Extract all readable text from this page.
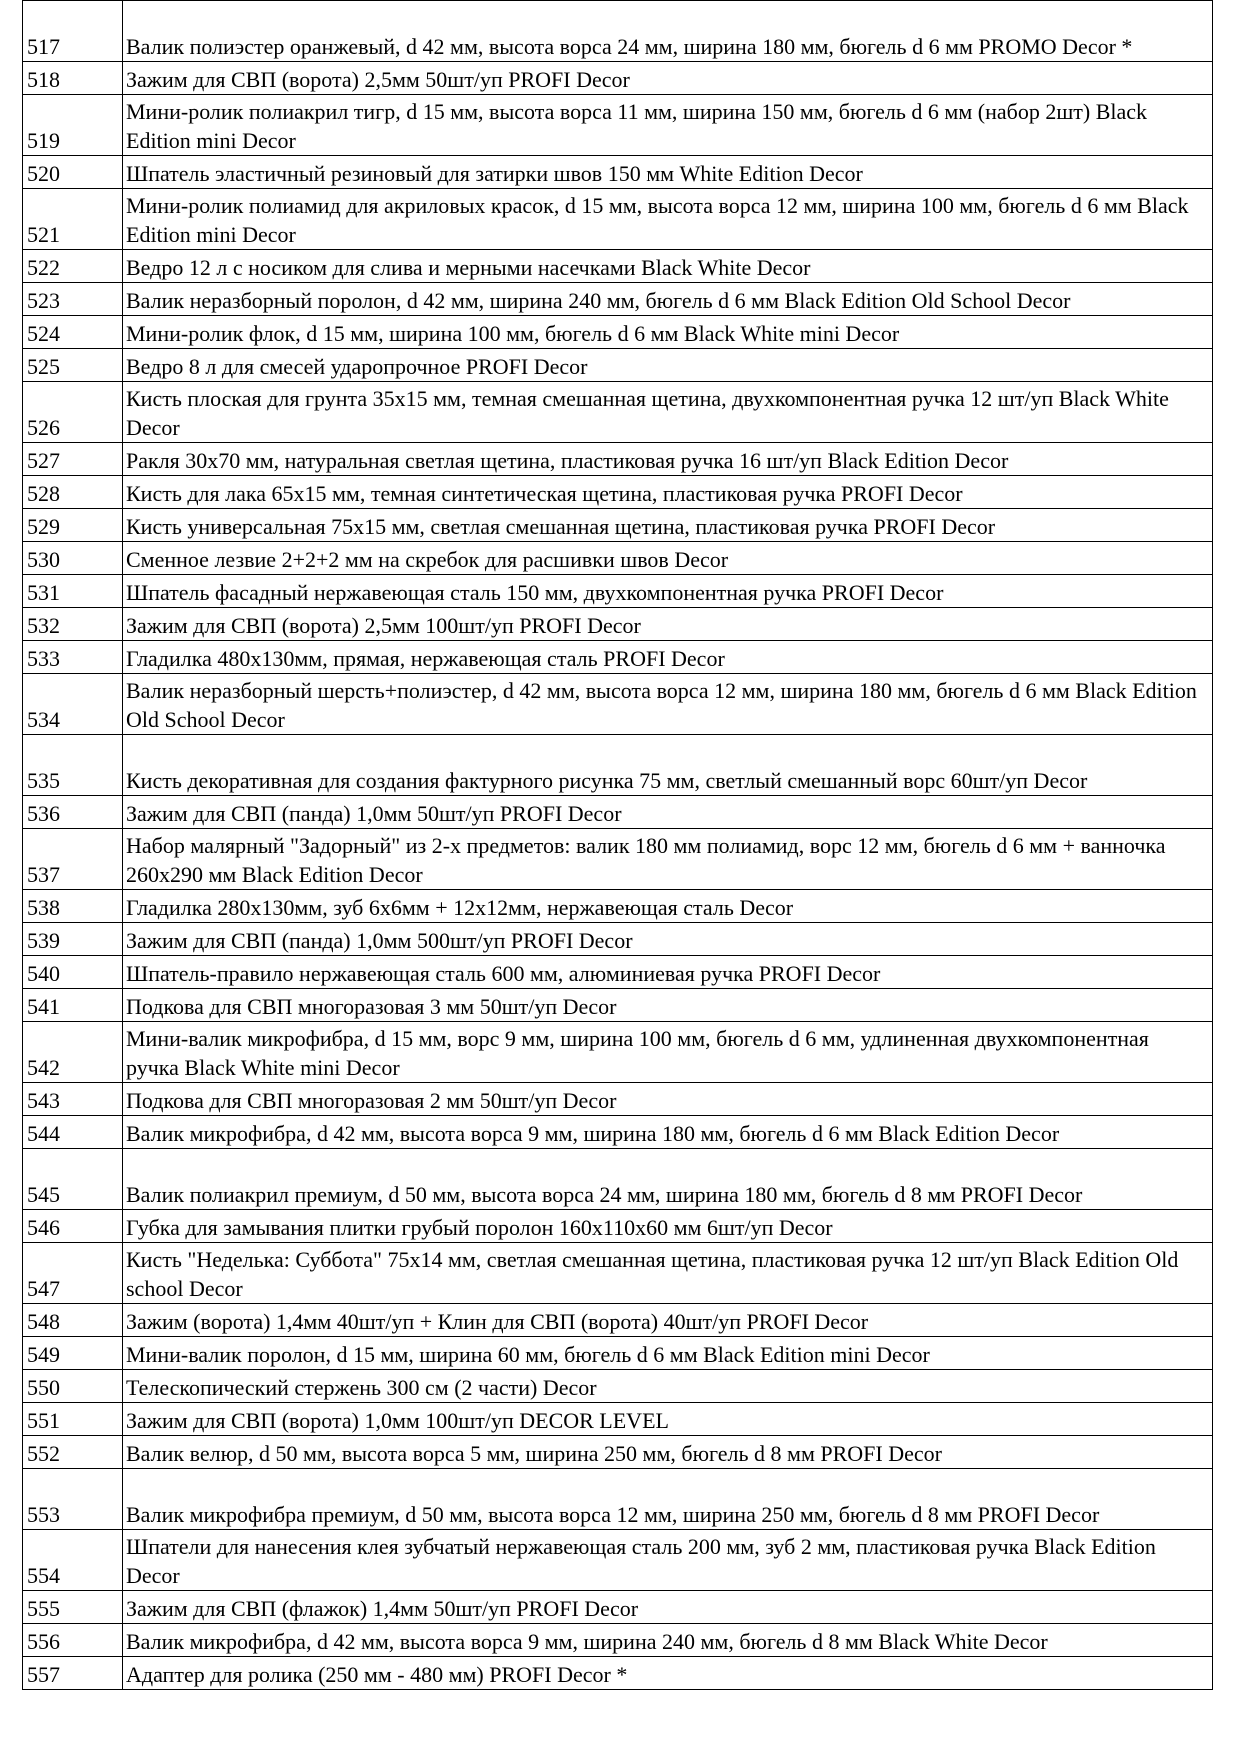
517	Валик полиэстер оранжевый, d 42 мм, высота ворса 24 мм, ширина 180 мм, бюгель d 6 мм PROMO Decor *
518	Зажим для СВП (ворота) 2,5мм 50шт/уп PROFI Decor
519	Мини-ролик полиакрил тигр, d 15 мм, высота ворса 11 мм, ширина 150 мм, бюгель d 6 мм (набор 2шт) Black Edition mini Decor
520	Шпатель эластичный резиновый для затирки швов 150 мм White Edition Decor
521	Мини-ролик полиамид для акриловых красок, d 15 мм, высота ворса 12 мм, ширина 100 мм, бюгель d 6 мм Black Edition mini Decor
522	Ведро 12 л с носиком для слива и мерными насечками Black White Decor
523	Валик неразборный поролон, d 42 мм, ширина 240 мм, бюгель d 6 мм Black Edition Old School Decor
524	Мини-ролик флок, d 15 мм, ширина 100 мм, бюгель d 6 мм Black White mini Decor
525	Ведро 8 л для смесей ударопрочное PROFI Decor
526	Кисть плоская для грунта 35х15 мм, темная смешанная щетина, двухкомпонентная ручка 12 шт/уп Black White Decor
527	Ракля 30х70 мм, натуральная светлая щетина, пластиковая ручка 16 шт/уп Black Edition Decor
528	Кисть для лака 65х15 мм, темная синтетическая щетина, пластиковая ручка PROFI Decor
529	Кисть универсальная 75х15 мм, светлая смешанная щетина, пластиковая ручка PROFI Decor
530	Сменное лезвие 2+2+2 мм на скребок для расшивки швов Decor
531	Шпатель фасадный нержавеющая сталь 150 мм, двухкомпонентная ручка PROFI Decor
532	Зажим для СВП (ворота) 2,5мм 100шт/уп PROFI Decor
533	Гладилка 480х130мм, прямая, нержавеющая сталь PROFI Decor
534	Валик неразборный шерсть+полиэстер, d 42 мм, высота ворса 12 мм, ширина 180 мм, бюгель d 6 мм Black Edition Old School Decor
535	Кисть декоративная для создания фактурного рисунка 75 мм, светлый смешанный ворс 60шт/уп Decor
536	Зажим для СВП (панда) 1,0мм 50шт/уп PROFI Decor
537	Набор малярный "Задорный" из 2-х предметов: валик 180 мм полиамид, ворс 12 мм, бюгель d 6 мм + ванночка 260х290 мм Black Edition Decor
538	Гладилка 280х130мм, зуб 6х6мм + 12х12мм, нержавеющая сталь Decor
539	Зажим для СВП (панда) 1,0мм 500шт/уп PROFI Decor
540	Шпатель-правило нержавеющая сталь 600 мм, алюминиевая ручка PROFI Decor
541	Подкова для СВП многоразовая 3 мм 50шт/уп Decor
542	Мини-валик микрофибра, d 15 мм, ворс 9 мм, ширина 100 мм, бюгель d 6 мм, удлиненная двухкомпонентная ручка Black White mini Decor
543	Подкова для СВП многоразовая 2 мм 50шт/уп Decor
544	Валик микрофибра, d 42 мм, высота ворса 9 мм, ширина 180 мм, бюгель d 6 мм Black Edition Decor
545	Валик полиакрил премиум, d 50 мм, высота ворса 24 мм, ширина 180 мм, бюгель d 8 мм PROFI Decor
546	Губка для замывания плитки грубый поролон 160х110х60 мм 6шт/уп Decor
547	Кисть "Неделька: Суббота" 75х14 мм, светлая смешанная щетина, пластиковая ручка 12 шт/уп Black Edition Old school Decor
548	Зажим (ворота) 1,4мм 40шт/уп + Клин для СВП (ворота) 40шт/уп PROFI Decor
549	Мини-валик поролон, d 15 мм, ширина 60 мм, бюгель d 6 мм Black Edition mini Decor
550	Телескопический стержень 300 см (2 части) Decor
551	Зажим для СВП (ворота) 1,0мм 100шт/уп DECOR LEVEL
552	Валик велюр, d 50 мм, высота ворса 5 мм, ширина 250 мм, бюгель d 8 мм PROFI Decor
553	Валик микрофибра премиум, d 50 мм, высота ворса 12 мм, ширина 250 мм, бюгель d 8 мм PROFI Decor
554	Шпатели для нанесения клея зубчатый нержавеющая сталь 200 мм, зуб 2 мм, пластиковая ручка Black Edition Decor
555	Зажим для СВП (флажок) 1,4мм 50шт/уп PROFI Decor
556	Валик микрофибра, d 42 мм, высота ворса 9 мм, ширина 240 мм, бюгель d 8 мм Black White Decor
557	Адаптер для ролика (250 мм - 480 мм) PROFI Decor *
